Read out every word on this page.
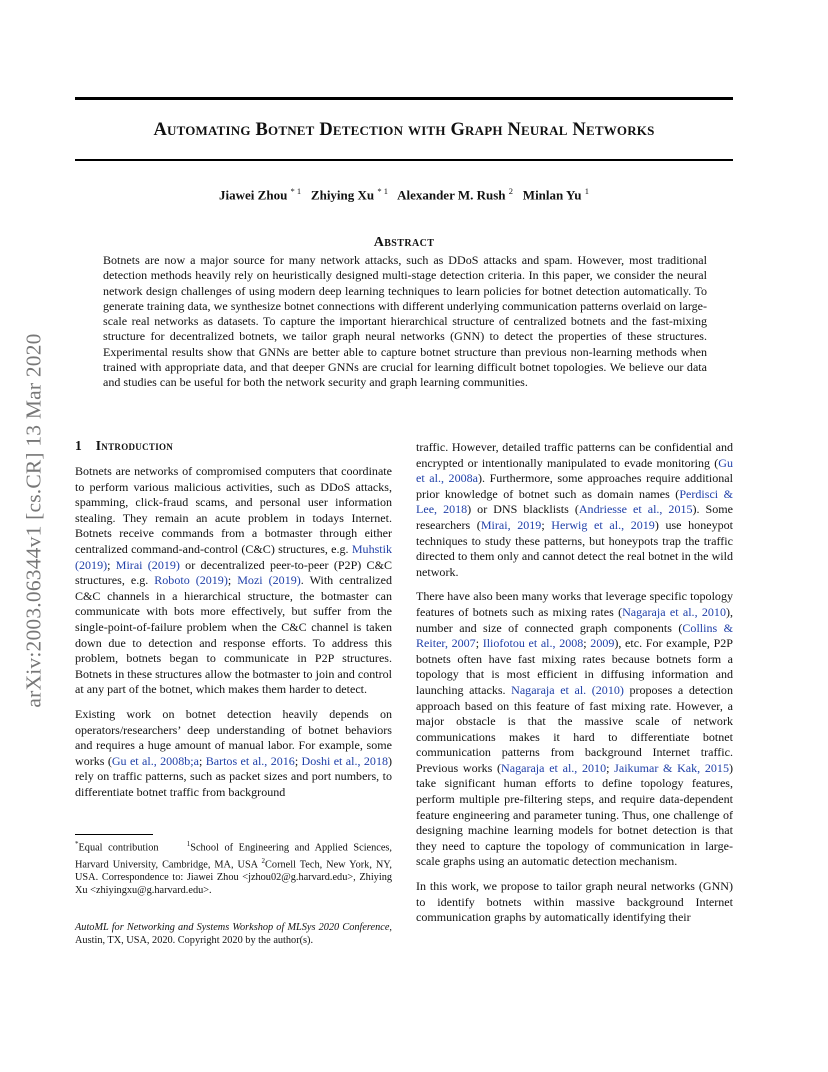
arXiv:2003.06344v1 [cs.CR] 13 Mar 2020
Automating Botnet Detection with Graph Neural Networks
Jiawei Zhou $^{* 1}$ Zhiying Xu $^{* 1}$ Alexander M. Rush $^2$ Minlan Yu $^1$
Abstract
Botnets are now a major source for many network attacks, such as DDoS attacks and spam. However, most traditional detection methods heavily rely on heuristically designed multi-stage detection criteria. In this paper, we consider the neural network design challenges of using modern deep learning techniques to learn policies for botnet detection automatically. To generate training data, we synthesize botnet connections with different underlying communication patterns overlaid on large-scale real networks as datasets. To capture the important hierarchical structure of centralized botnets and the fast-mixing structure for decentralized botnets, we tailor graph neural networks (GNN) to detect the properties of these structures. Experimental results show that GNNs are better able to capture botnet structure than previous non-learning methods when trained with appropriate data, and that deeper GNNs are crucial for learning difficult botnet topologies. We believe our data and studies can be useful for both the network security and graph learning communities.
1 Introduction

Botnets are networks of compromised computers that coordinate to perform various malicious activities, such as DDoS attacks, spamming, click-fraud scams, and personal user information stealing. They remain an acute problem in todays Internet. Botnets receive commands from a botmaster through either centralized command-and-control (C&C) structures, e.g. Muhstik (2019); Mirai (2019) or decentralized peer-to-peer (P2P) C&C structures, e.g. Roboto (2019); Mozi (2019). With centralized C&C channels in a hierarchical structure, the botmaster can communicate with bots more effectively, but suffer from the single-point-of-failure problem when the C&C channel is taken down due to detection and response efforts. To address this problem, botnets began to communicate in P2P structures. Botnets in these structures allow the botmaster to join and control at any part of the botnet, which makes them harder to detect.

Existing work on botnet detection heavily depends on operators/researchers’ deep understanding of botnet behaviors and requires a huge amount of manual labor. For example, some works (Gu et al., 2008b;a; Bartos et al., 2016; Doshi et al., 2018) rely on traffic patterns, such as packet sizes and port numbers, to differentiate botnet traffic from background

traffic. However, detailed traffic patterns can be confidential and encrypted or intentionally manipulated to evade monitoring (Gu et al., 2008a). Furthermore, some approaches require additional prior knowledge of botnet such as domain names (Perdisci & Lee, 2018) or DNS blacklists (Andriesse et al., 2015). Some researchers (Mirai, 2019; Herwig et al., 2019) use honeypot techniques to study these patterns, but honeypots trap the traffic directed to them only and cannot detect the real botnet in the wild network.

There have also been many works that leverage specific topology features of botnets such as mixing rates (Nagaraja et al., 2010), number and size of connected graph components (Collins & Reiter, 2007; Iliofotou et al., 2008; 2009), etc. For example, P2P botnets often have fast mixing rates because botnets form a topology that is most efficient in diffusing information and launching attacks. Nagaraja et al. (2010) proposes a detection approach based on this feature of fast mixing rate. However, a major obstacle is that the massive scale of network communications makes it hard to differentiate botnet communication patterns from background Internet traffic. Previous works (Nagaraja et al., 2010; Jaikumar & Kak, 2015) take significant human efforts to define topology features, perform multiple pre-filtering steps, and require data-dependent feature engineering and parameter tuning. Thus, one challenge of designing machine learning models for botnet detection is that they need to capture the topology of communication in large-scale graphs using an automatic detection mechanism.

In this work, we propose to tailor graph neural networks (GNN) to identify botnets within massive background Internet communication graphs by automatically identifying their

*Equal contribution	$^1$School of Engineering and Applied Sciences, Harvard University, Cambridge, MA, USA $^2$Cornell Tech, New York, NY, USA. Correspondence to: Jiawei Zhou <jzhou02@g.harvard.edu>, Zhiying Xu <zhiyingxu@g.harvard.edu>.
AutoML for Networking and Systems Workshop of MLSys 2020 Conference, Austin, TX, USA, 2020. Copyright 2020 by the author(s).
